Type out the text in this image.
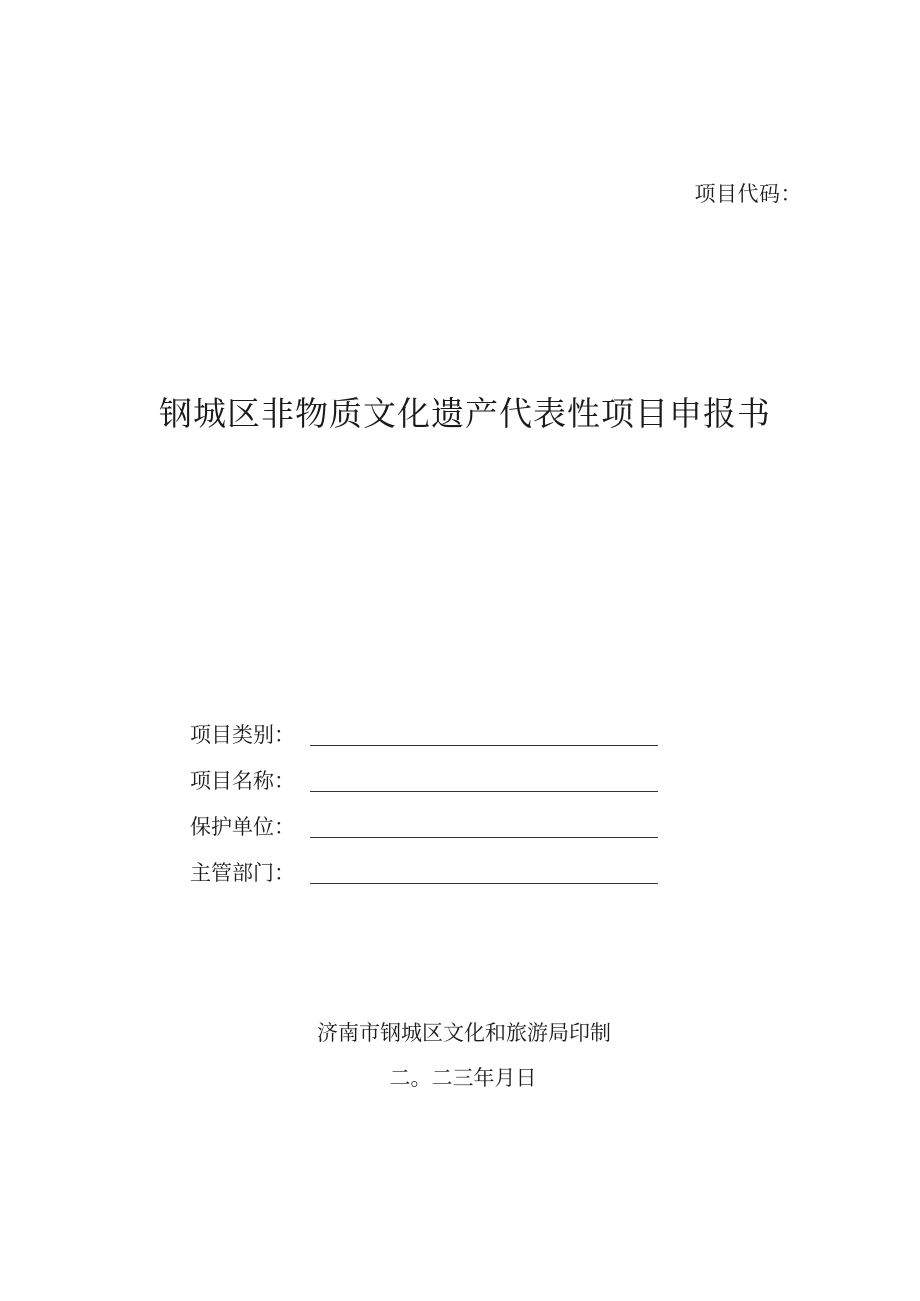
项目代码：
钢城区非物质文化遗产代表性项目申报书
项目类别：
项目名称：
保护单位：
主管部门：
济南市钢城区文化和旅游局印制
二。二三年月日
